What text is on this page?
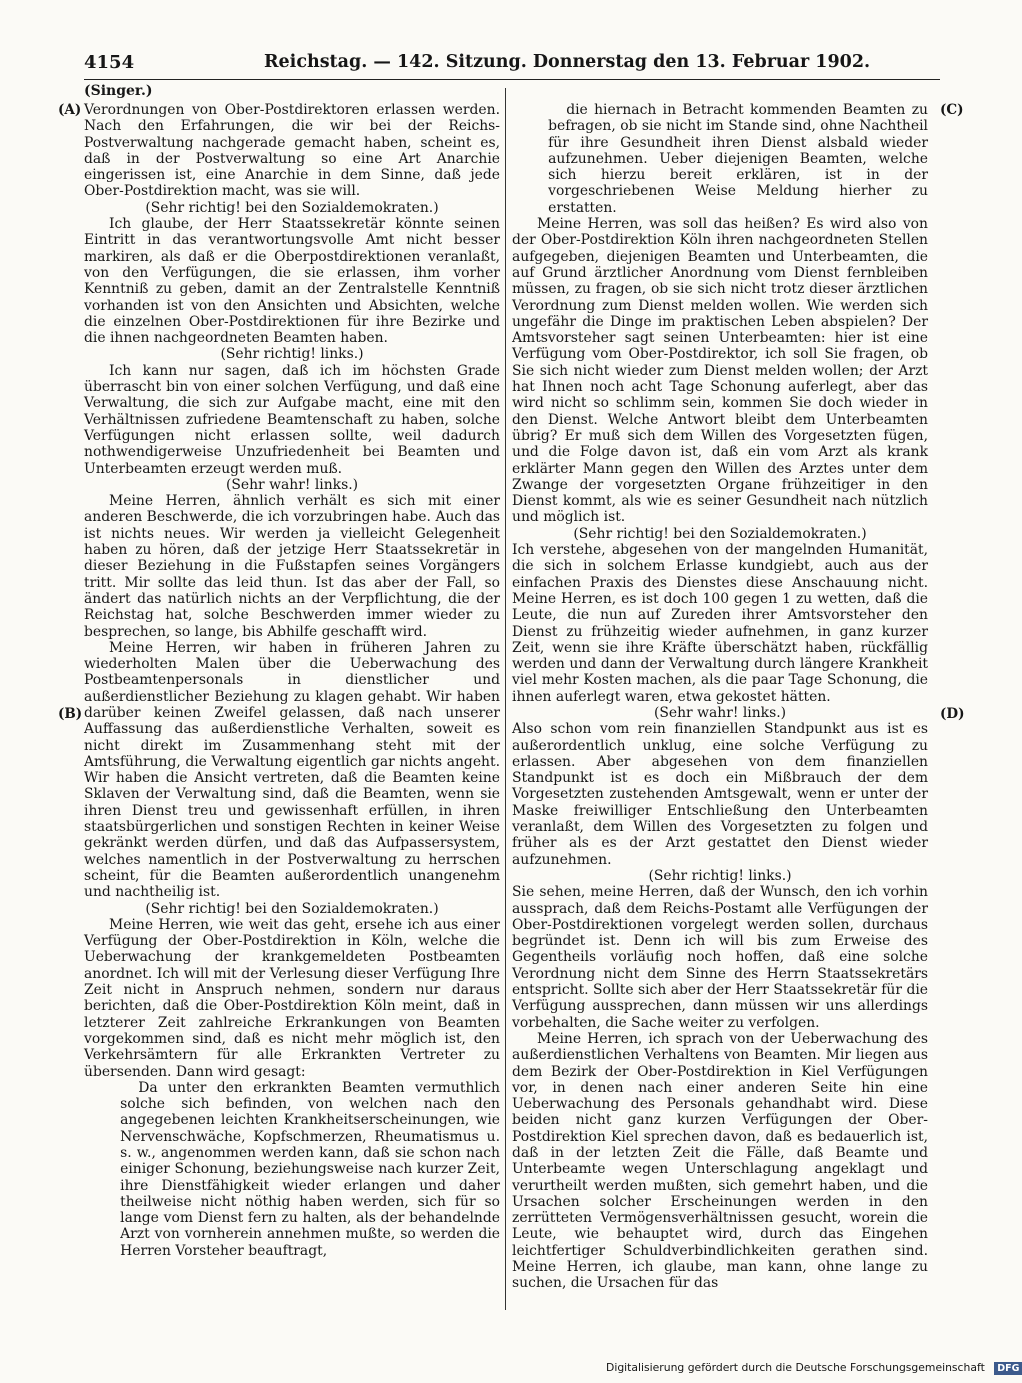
4154	Reichstag. — 142. Sitzung. Donnerstag den 13. Februar 1902.
(Singer.)
(A)
(B)
(C)
(D)

Verordnungen von Ober-Postdirektoren erlassen werden. Nach den Erfahrungen, die wir bei der Reichs-Postverwaltung nachgerade gemacht haben, scheint es, daß in der Postverwaltung so eine Art Anarchie eingerissen ist, eine Anarchie in dem Sinne, daß jede Ober-Postdirektion macht, was sie will.

(Sehr richtig! bei den Sozialdemokraten.)

Ich glaube, der Herr Staatssekretär könnte seinen Eintritt in das verantwortungsvolle Amt nicht besser markiren, als daß er die Oberpostdirektionen veranlaßt, von den Verfügungen, die sie erlassen, ihm vorher Kenntniß zu geben, damit an der Zentralstelle Kenntniß vorhanden ist von den Ansichten und Absichten, welche die einzelnen Ober-Postdirektionen für ihre Bezirke und die ihnen nachgeordneten Beamten haben.

(Sehr richtig! links.)

Ich kann nur sagen, daß ich im höchsten Grade überrascht bin von einer solchen Verfügung, und daß eine Verwaltung, die sich zur Aufgabe macht, eine mit den Verhältnissen zufriedene Beamtenschaft zu haben, solche Verfügungen nicht erlassen sollte, weil dadurch nothwendigerweise Unzufriedenheit bei Beamten und Unterbeamten erzeugt werden muß.

(Sehr wahr! links.)

Meine Herren, ähnlich verhält es sich mit einer anderen Beschwerde, die ich vorzubringen habe. Auch das ist nichts neues. Wir werden ja vielleicht Gelegenheit haben zu hören, daß der jetzige Herr Staatssekretär in dieser Beziehung in die Fußstapfen seines Vorgängers tritt. Mir sollte das leid thun. Ist das aber der Fall, so ändert das natürlich nichts an der Verpflichtung, die der Reichstag hat, solche Beschwerden immer wieder zu besprechen, so lange, bis Abhilfe geschafft wird.

Meine Herren, wir haben in früheren Jahren zu wiederholten Malen über die Ueberwachung des Postbeamtenpersonals in dienstlicher und außerdienstlicher Beziehung zu klagen gehabt. Wir haben darüber keinen Zweifel gelassen, daß nach unserer Auffassung das außerdienstliche Verhalten, soweit es nicht direkt im Zusammenhang steht mit der Amtsführung, die Verwaltung eigentlich gar nichts angeht. Wir haben die Ansicht vertreten, daß die Beamten keine Sklaven der Verwaltung sind, daß die Beamten, wenn sie ihren Dienst treu und gewissenhaft erfüllen, in ihren staatsbürgerlichen und sonstigen Rechten in keiner Weise gekränkt werden dürfen, und daß das Aufpassersystem, welches namentlich in der Postverwaltung zu herrschen scheint, für die Beamten außerordentlich unangenehm und nachtheilig ist.

(Sehr richtig! bei den Sozialdemokraten.)

Meine Herren, wie weit das geht, ersehe ich aus einer Verfügung der Ober-Postdirektion in Köln, welche die Ueberwachung der krankgemeldeten Postbeamten anordnet. Ich will mit der Verlesung dieser Verfügung Ihre Zeit nicht in Anspruch nehmen, sondern nur daraus berichten, daß die Ober-Postdirektion Köln meint, daß in letzterer Zeit zahlreiche Erkrankungen von Beamten vorgekommen sind, daß es nicht mehr möglich ist, den Verkehrsämtern für alle Erkrankten Vertreter zu übersenden. Dann wird gesagt:

Da unter den erkrankten Beamten vermuthlich solche sich befinden, von welchen nach den angegebenen leichten Krankheitserscheinungen, wie Nervenschwäche, Kopfschmerzen, Rheumatismus u. s. w., angenommen werden kann, daß sie schon nach einiger Schonung, beziehungsweise nach kurzer Zeit, ihre Dienstfähigkeit wieder erlangen und daher theilweise nicht nöthig haben werden, sich für so lange vom Dienst fern zu halten, als der behandelnde Arzt von vornherein annehmen mußte, so werden die Herren Vorsteher beauftragt,

die hiernach in Betracht kommenden Beamten zu befragen, ob sie nicht im Stande sind, ohne Nachtheil für ihre Gesundheit ihren Dienst alsbald wieder aufzunehmen. Ueber diejenigen Beamten, welche sich hierzu bereit erklären, ist in der vorgeschriebenen Weise Meldung hierher zu erstatten.

Meine Herren, was soll das heißen? Es wird also von der Ober-Postdirektion Köln ihren nachgeordneten Stellen aufgegeben, diejenigen Beamten und Unterbeamten, die auf Grund ärztlicher Anordnung vom Dienst fernbleiben müssen, zu fragen, ob sie sich nicht trotz dieser ärztlichen Verordnung zum Dienst melden wollen. Wie werden sich ungefähr die Dinge im praktischen Leben abspielen? Der Amtsvorsteher sagt seinen Unterbeamten: hier ist eine Verfügung vom Ober-Postdirektor, ich soll Sie fragen, ob Sie sich nicht wieder zum Dienst melden wollen; der Arzt hat Ihnen noch acht Tage Schonung auferlegt, aber das wird nicht so schlimm sein, kommen Sie doch wieder in den Dienst. Welche Antwort bleibt dem Unterbeamten übrig? Er muß sich dem Willen des Vorgesetzten fügen, und die Folge davon ist, daß ein vom Arzt als krank erklärter Mann gegen den Willen des Arztes unter dem Zwange der vorgesetzten Organe frühzeitiger in den Dienst kommt, als wie es seiner Gesundheit nach nützlich und möglich ist.

(Sehr richtig! bei den Sozialdemokraten.)

Ich verstehe, abgesehen von der mangelnden Humanität, die sich in solchem Erlasse kundgiebt, auch aus der einfachen Praxis des Dienstes diese Anschauung nicht. Meine Herren, es ist doch 100 gegen 1 zu wetten, daß die Leute, die nun auf Zureden ihrer Amtsvorsteher den Dienst zu frühzeitig wieder aufnehmen, in ganz kurzer Zeit, wenn sie ihre Kräfte überschätzt haben, rückfällig werden und dann der Verwaltung durch längere Krankheit viel mehr Kosten machen, als die paar Tage Schonung, die ihnen auferlegt waren, etwa gekostet hätten.

(Sehr wahr! links.)

Also schon vom rein finanziellen Standpunkt aus ist es außerordentlich unklug, eine solche Verfügung zu erlassen. Aber abgesehen von dem finanziellen Standpunkt ist es doch ein Mißbrauch der dem Vorgesetzten zustehenden Amtsgewalt, wenn er unter der Maske freiwilliger Entschließung den Unterbeamten veranlaßt, dem Willen des Vorgesetzten zu folgen und früher als es der Arzt gestattet den Dienst wieder aufzunehmen.

(Sehr richtig! links.)

Sie sehen, meine Herren, daß der Wunsch, den ich vorhin aussprach, daß dem Reichs-Postamt alle Verfügungen der Ober-Postdirektionen vorgelegt werden sollen, durchaus begründet ist. Denn ich will bis zum Erweise des Gegentheils vorläufig noch hoffen, daß eine solche Verordnung nicht dem Sinne des Herrn Staatssekretärs entspricht. Sollte sich aber der Herr Staatssekretär für die Verfügung aussprechen, dann müssen wir uns allerdings vorbehalten, die Sache weiter zu verfolgen.

Meine Herren, ich sprach von der Ueberwachung des außerdienstlichen Verhaltens von Beamten. Mir liegen aus dem Bezirk der Ober-Postdirektion in Kiel Verfügungen vor, in denen nach einer anderen Seite hin eine Ueberwachung des Personals gehandhabt wird. Diese beiden nicht ganz kurzen Verfügungen der Ober-Postdirektion Kiel sprechen davon, daß es bedauerlich ist, daß in der letzten Zeit die Fälle, daß Beamte und Unterbeamte wegen Unterschlagung angeklagt und verurtheilt werden mußten, sich gemehrt haben, und die Ursachen solcher Erscheinungen werden in den zerrütteten Vermögensverhältnissen gesucht, worein die Leute, wie behauptet wird, durch das Eingehen leichtfertiger Schuldverbindlichkeiten gerathen sind. Meine Herren, ich glaube, man kann, ohne lange zu suchen, die Ursachen für das

Digitalisierung gefördert durch die Deutsche Forschungsgemeinschaft DFG
